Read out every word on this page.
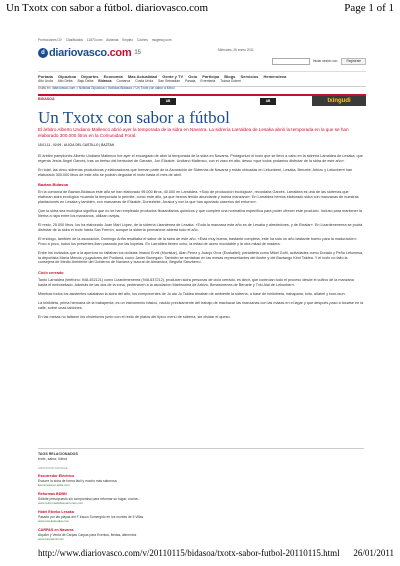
Un Txotx con sabor a fútbol. diariovasco.com	Page 1 of 1
Promociones DV Clasificados 11870.com Alvianda Empleo Coches mugehoy.com
d diariovasco.com 15	Miércoles, 26 enero 2011
Iniciar sesión con	Registrate
Portada Gipuzkoa Deportes Economía Más Actualidad Gente y TV Ocio Participa Blogs Servicios Hemeroteca
Alto Urola Alto Deba Bajo Deba Bidasoa Comarca Costa Urola San Sebastián Pasaia Errenteria Tolosa Goierri
Estás en: diariovasco.com > Noticias Gipuzkoa > Noticias Bidasoa > Un Txotx con sabor a fútbol
BIDASOA
AB	AB	txingudi
Un Txotx con sabor a fútbol

El árbitro Alberto Undiano Mallenco abrió ayer la temporada de la sidra en Navarra. La sidrería Larraldea de Lesaka abrió la temporada en la que se han elaborado 300.000 litros en la Comunidad Foral.

15.01.11 - 02:09 - ALICIA DEL CASTILLO | BAZTAN

El árbitro pamplonés Alberto Undiano Mallenco fue ayer el encargado de abrir la temporada de la sidra en Navarra. Protagonizó el txotx que se llevó a cabo en la sidrería Larraldea de Lesaka, que regenta Jesús Ángel Garcés, tras un bertso del bertsolari de Garzain, Jon Elizalde. Undiano Mallenco, con el vaso en alto, dessó «que todos podamos disfrutar de la sidra de este año».

En total, las cinco sidrerías productoras y elaboradoras que forman parte de la Asociación de Sidrerías de Navarra y están ubicadas en Lekunberri, Lesaka, Beruete, Arbizu y Lekunberri han elaborado 300.000 litros de este año se podrán degustar el txotx hasta el mes de abril.

Baztan-Bidasoa

En la comarca de Baztan-Bidasoa este año se han elaborado 95.000 litros, 40.000 en Larraldea. «Sólo de producción ecológica», recordaba Garcés. Larraldea es una de las sidrerías que elaboran sidra ecológica «cuando la temporada lo permite, como este año, ya que hemos tenido abundante y buena manzana». En Larraldea hemos elaborado sidra con manzanas de nuestras plantaciones en Lesaka y también, con manzanas de Elizalde, Donezteke, Arraioz y con la que han aportado caseríos del entorno».

Que la sidra sea ecológica significa que no se han empleado productos fitosanitarios químicos y que cumplen una normativa específica para poder ofrecer este producto. Incluso para mantener la hierba a raya entre los manzanos, utilizan ovejas.

El resto, 25.000 litros, los ha elaborado Juan Mari López, de la sidrería Lizardenea de Lesaka. «Toda la manzana este año es de Lesaka y alrededores, y de Etxalar». En Lizardenenerea se podrá disfrutar de la sidra el txotx hasta San Fermín, aunque la sidrería permanece abierta todo el año.

El enólogo, también de la asociación, Domingo Ariña resaltaba el sabor de la sidra de este año. «Está muy buena, bastante completa, este ha sido un año bastante bueno para la maduración». Poco a poco, todos los presentes iban pasando por las kupelas. En Larraldea tienen ocho, la mitad de acero inoxidable y la otra mitad de madera.

Entre los invitados que a la apertura no faltaban los ciclistas Imanol Erviti (Movistar), Alan Perez y Juanjo Oroz (Euskaltel); pentatleta como Mikel Goñi, actividades como Dorado y Peña Lekunesa, la deportista María Menda y jugadores del Portland, como Javier Bonegaín. También se sentaban en las mesas representantes del ilustre y del Baztango Kirol Taldea. Y el txotx no faltó la consejera de Medio Ambiente del Gobierno de Navarra y Iszurai de Almandoz, Begoña Sanzberro.

Ciclo cerrado

Tanto Larraldea (teléfono: 948-452121) como Lizardenenerea (948-637212), producen sidra personas de ciclo cerrado, es decir, que controlan todo el proceso desde el cultivo de la manzana hasta el embotellado. Además de las dos de la zona, pertenecen a la asociación Martinonea de Arbizu, Beharonenea de Beruete y Txki Alai de Lekunberri.

Mientras todos los asistentes catalaban la sidra del año, los componentes de Jo ala Jo Taldea tenaban de ambiente la sidrería, a base de txirikitxeta, Irabapana, txitu, añabel y txun-txun.

La txirikiteta, prima hermana de la trabapenta, es un instrumento básico, nacido precisamente del trabajo de machacar las manzanas con las mazas en el lagar y que después pasó a tocarse en la calle, sobre unas tablones.

En las mesas no faltaron los chuletones junto con el resto de platos del típico menú de sidrería, sin olvidar el queso.

TAGS RELACIONADOS
txotx, sabor, fútbol
ANUNCIOS GOOGLE
Escurredor Eléctrico
Escurre la sidra de forma fácil y mucho más saborosa
Escurredores-sidra.com
Reformas BDBN
Solicite presupuesto sin compromiso para reformar su hogar, cocina...
www.reformasbidasoairrunes.com
Hotel Etxeko Lesaka
Pasado por las playas del F Irauco Sumergido en los montes de 5 Villas
www.etxekolesaka.com
CARPAS en Navarra
Alquiler y Venta de Carpas Carpas para Eventos, fiestas, alimentos
www.carpas10.com
http://www.diariovasco.com/v/20110115/bidasoa/txotx-sabor-futbol-20110115.html 26/01/2011
